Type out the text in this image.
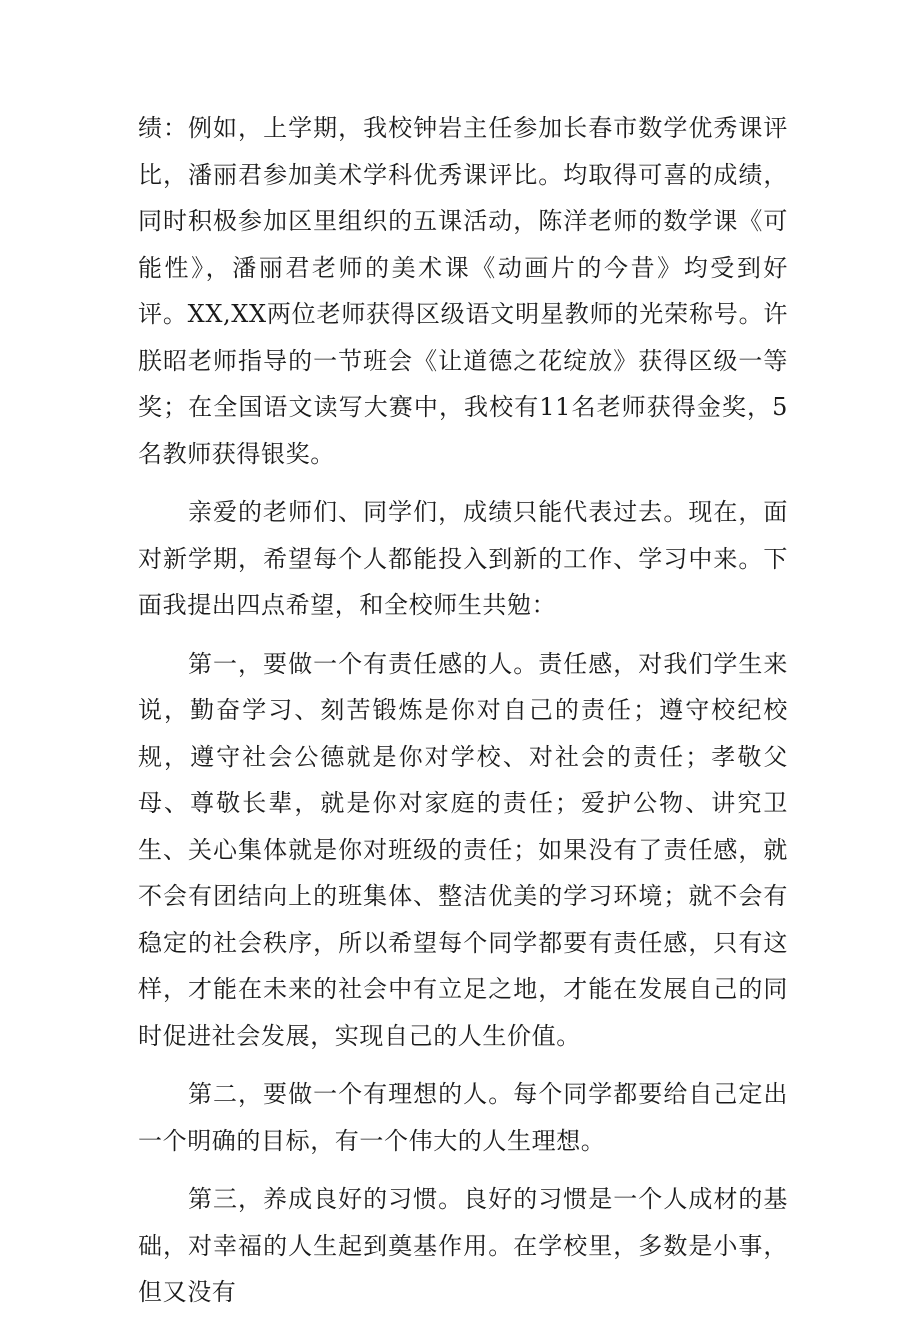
绩：例如，上学期，我校钟岩主任参加长春市数学优秀课评比，潘丽君参加美术学科优秀课评比。均取得可喜的成绩，同时积极参加区里组织的五课活动，陈洋老师的数学课《可能性》，潘丽君老师的美术课《动画片的今昔》均受到好评。XX,XX两位老师获得区级语文明星教师的光荣称号。许朕昭老师指导的一节班会《让道德之花绽放》获得区级一等奖；在全国语文读写大赛中，我校有11名老师获得金奖，5名教师获得银奖。

亲爱的老师们、同学们，成绩只能代表过去。现在，面对新学期，希望每个人都能投入到新的工作、学习中来。下面我提出四点希望，和全校师生共勉：

第一，要做一个有责任感的人。责任感，对我们学生来说，勤奋学习、刻苦锻炼是你对自己的责任；遵守校纪校规，遵守社会公德就是你对学校、对社会的责任；孝敬父母、尊敬长辈，就是你对家庭的责任；爱护公物、讲究卫生、关心集体就是你对班级的责任；如果没有了责任感，就不会有团结向上的班集体、整洁优美的学习环境；就不会有稳定的社会秩序，所以希望每个同学都要有责任感，只有这样，才能在未来的社会中有立足之地，才能在发展自己的同时促进社会发展，实现自己的人生价值。

第二，要做一个有理想的人。每个同学都要给自己定出一个明确的目标，有一个伟大的人生理想。

第三，养成良好的习惯。良好的习惯是一个人成材的基础，对幸福的人生起到奠基作用。在学校里，多数是小事，但又没有
